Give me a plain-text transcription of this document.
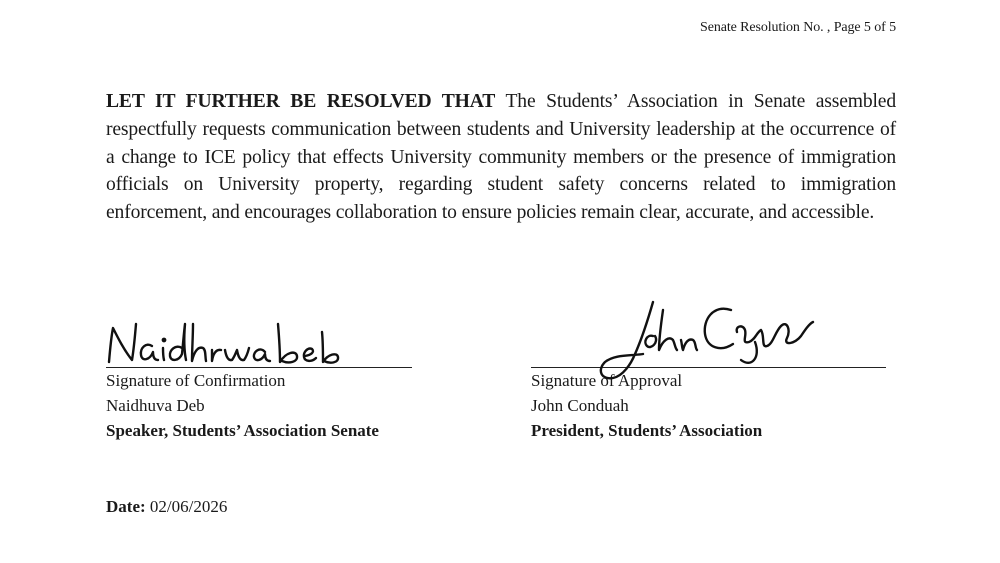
Senate Resolution No. , Page 5 of 5

LET IT FURTHER BE RESOLVED THAT The Students’ Association in Senate assembled respectfully requests communication between students and University leadership at the occurrence of a change to ICE policy that effects University community members or the presence of immigration officials on University property, regarding student safety concerns related to immigration enforcement, and encourages collaboration to ensure policies remain clear, accurate, and accessible.

Signature of Confirmation
Naidhuva Deb
Speaker, Students’ Association Senate
Signature of Approval
John Conduah
President, Students’ Association
Date: 02/06/2026
